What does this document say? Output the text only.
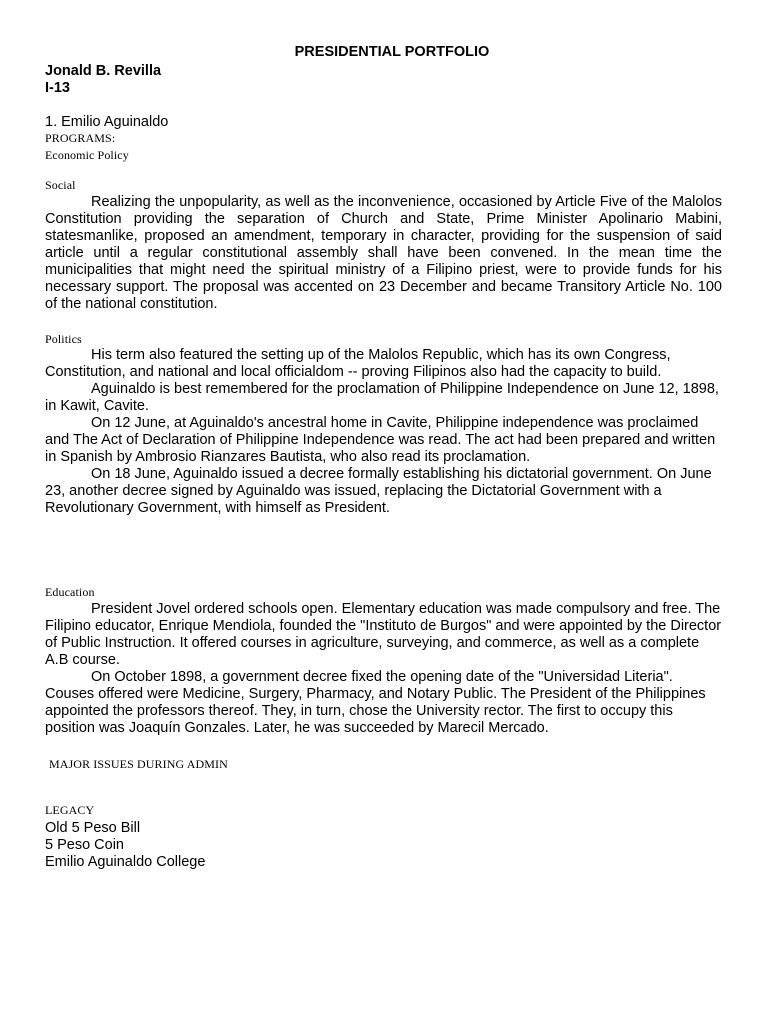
PRESIDENTIAL PORTFOLIO
Jonald B. Revilla
I-13
1. Emilio Aguinaldo
PROGRAMS:
Economic Policy
Social

Realizing the unpopularity, as well as the inconvenience, occasioned by Article Five of the Malolos Constitution providing the separation of Church and State, Prime Minister Apolinario Mabini, statesmanlike, proposed an amendment, temporary in character, providing for the suspension of said article until a regular constitutional assembly shall have been convened. In the mean time the municipalities that might need the spiritual ministry of a Filipino priest, were to provide funds for his necessary support. The proposal was accented on 23 December and became Transitory Article No. 100 of the national constitution.

Politics

His term also featured the setting up of the Malolos Republic, which has its own Congress, Constitution, and national and local officialdom -- proving Filipinos also had the capacity to build.

Aguinaldo is best remembered for the proclamation of Philippine Independence on June 12, 1898, in Kawit, Cavite.

On 12 June, at Aguinaldo's ancestral home in Cavite, Philippine independence was proclaimed and The Act of Declaration of Philippine Independence was read. The act had been prepared and written in Spanish by Ambrosio Rianzares Bautista, who also read its proclamation.

On 18 June, Aguinaldo issued a decree formally establishing his dictatorial government. On June 23, another decree signed by Aguinaldo was issued, replacing the Dictatorial Government with a Revolutionary Government, with himself as President.

Education

President Jovel ordered schools open. Elementary education was made compulsory and free. The Filipino educator, Enrique Mendiola, founded the "Instituto de Burgos" and were appointed by the Director of Public Instruction. It offered courses in agriculture, surveying, and commerce, as well as a complete A.B course.

On October 1898, a government decree fixed the opening date of the "Universidad Literia". Couses offered were Medicine, Surgery, Pharmacy, and Notary Public. The President of the Philippines appointed the professors thereof. They, in turn, chose the University rector. The first to occupy this position was Joaquín Gonzales. Later, he was succeeded by Marecil Mercado.

MAJOR ISSUES DURING ADMIN
LEGACY
Old 5 Peso Bill
5 Peso Coin
Emilio Aguinaldo College
